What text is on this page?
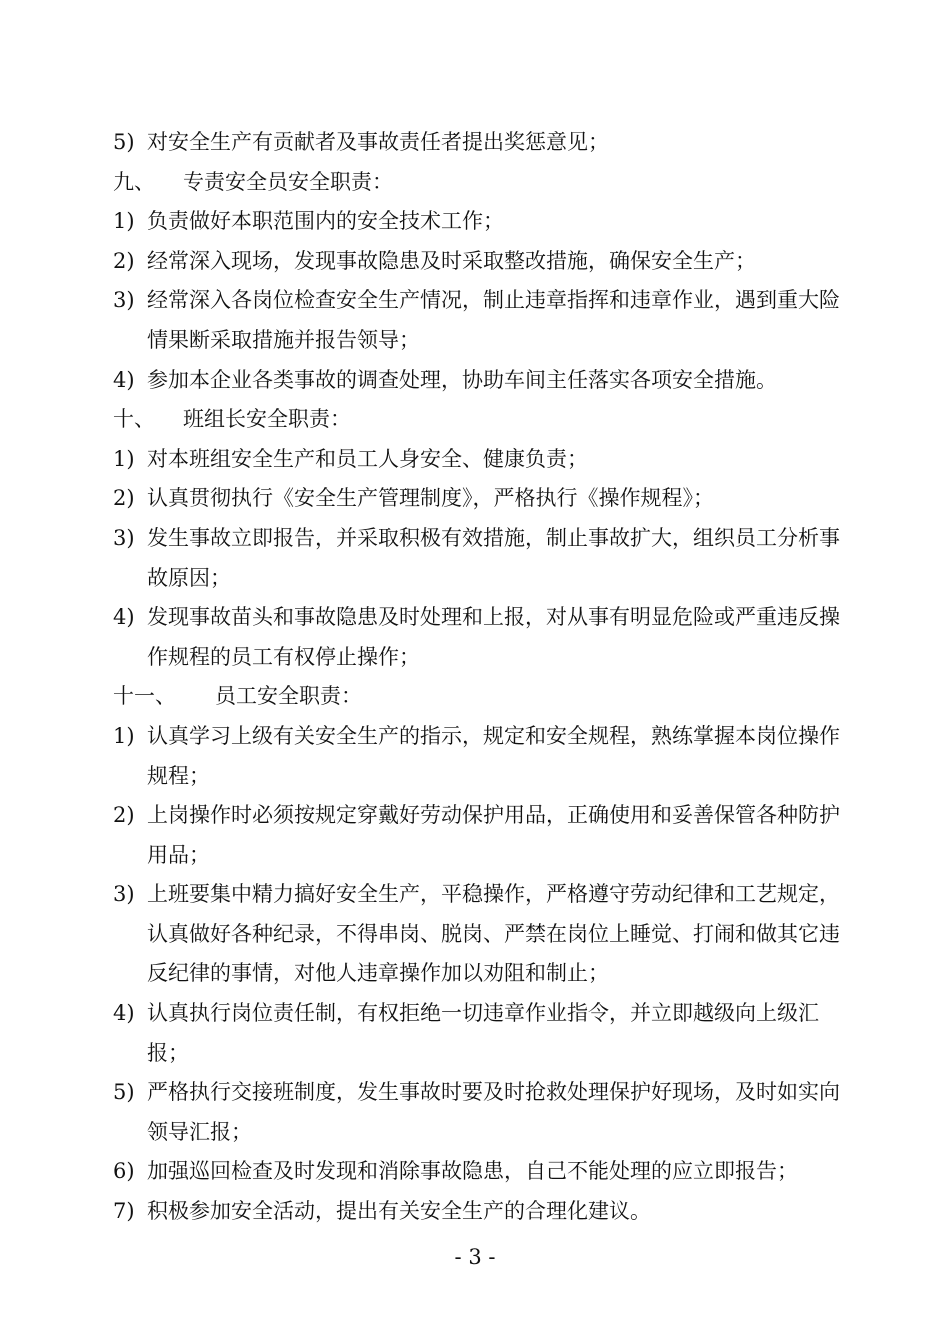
5) 对安全生产有贡献者及事故责任者提出奖惩意见；
九、	专责安全员安全职责：
1) 负责做好本职范围内的安全技术工作；
2) 经常深入现场，发现事故隐患及时采取整改措施，确保安全生产；
3) 经常深入各岗位检查安全生产情况，制止违章指挥和违章作业，遇到重大险情果断采取措施并报告领导；
4) 参加本企业各类事故的调查处理，协助车间主任落实各项安全措施。
十、	班组长安全职责：
1) 对本班组安全生产和员工人身安全、健康负责；
2) 认真贯彻执行《安全生产管理制度》，严格执行《操作规程》；
3) 发生事故立即报告，并采取积极有效措施，制止事故扩大，组织员工分析事故原因；
4) 发现事故苗头和事故隐患及时处理和上报，对从事有明显危险或严重违反操作规程的员工有权停止操作；
十一、	员工安全职责：
1) 认真学习上级有关安全生产的指示，规定和安全规程，熟练掌握本岗位操作规程；
2) 上岗操作时必须按规定穿戴好劳动保护用品，正确使用和妥善保管各种防护用品；
3) 上班要集中精力搞好安全生产，平稳操作，严格遵守劳动纪律和工艺规定，认真做好各种纪录，不得串岗、脱岗、严禁在岗位上睡觉、打闹和做其它违反纪律的事情，对他人违章操作加以劝阻和制止；
4) 认真执行岗位责任制，有权拒绝一切违章作业指令，并立即越级向上级汇报；
5) 严格执行交接班制度，发生事故时要及时抢救处理保护好现场，及时如实向领导汇报；
6) 加强巡回检查及时发现和消除事故隐患，自己不能处理的应立即报告；
7) 积极参加安全活动，提出有关安全生产的合理化建议。
- 3 -
